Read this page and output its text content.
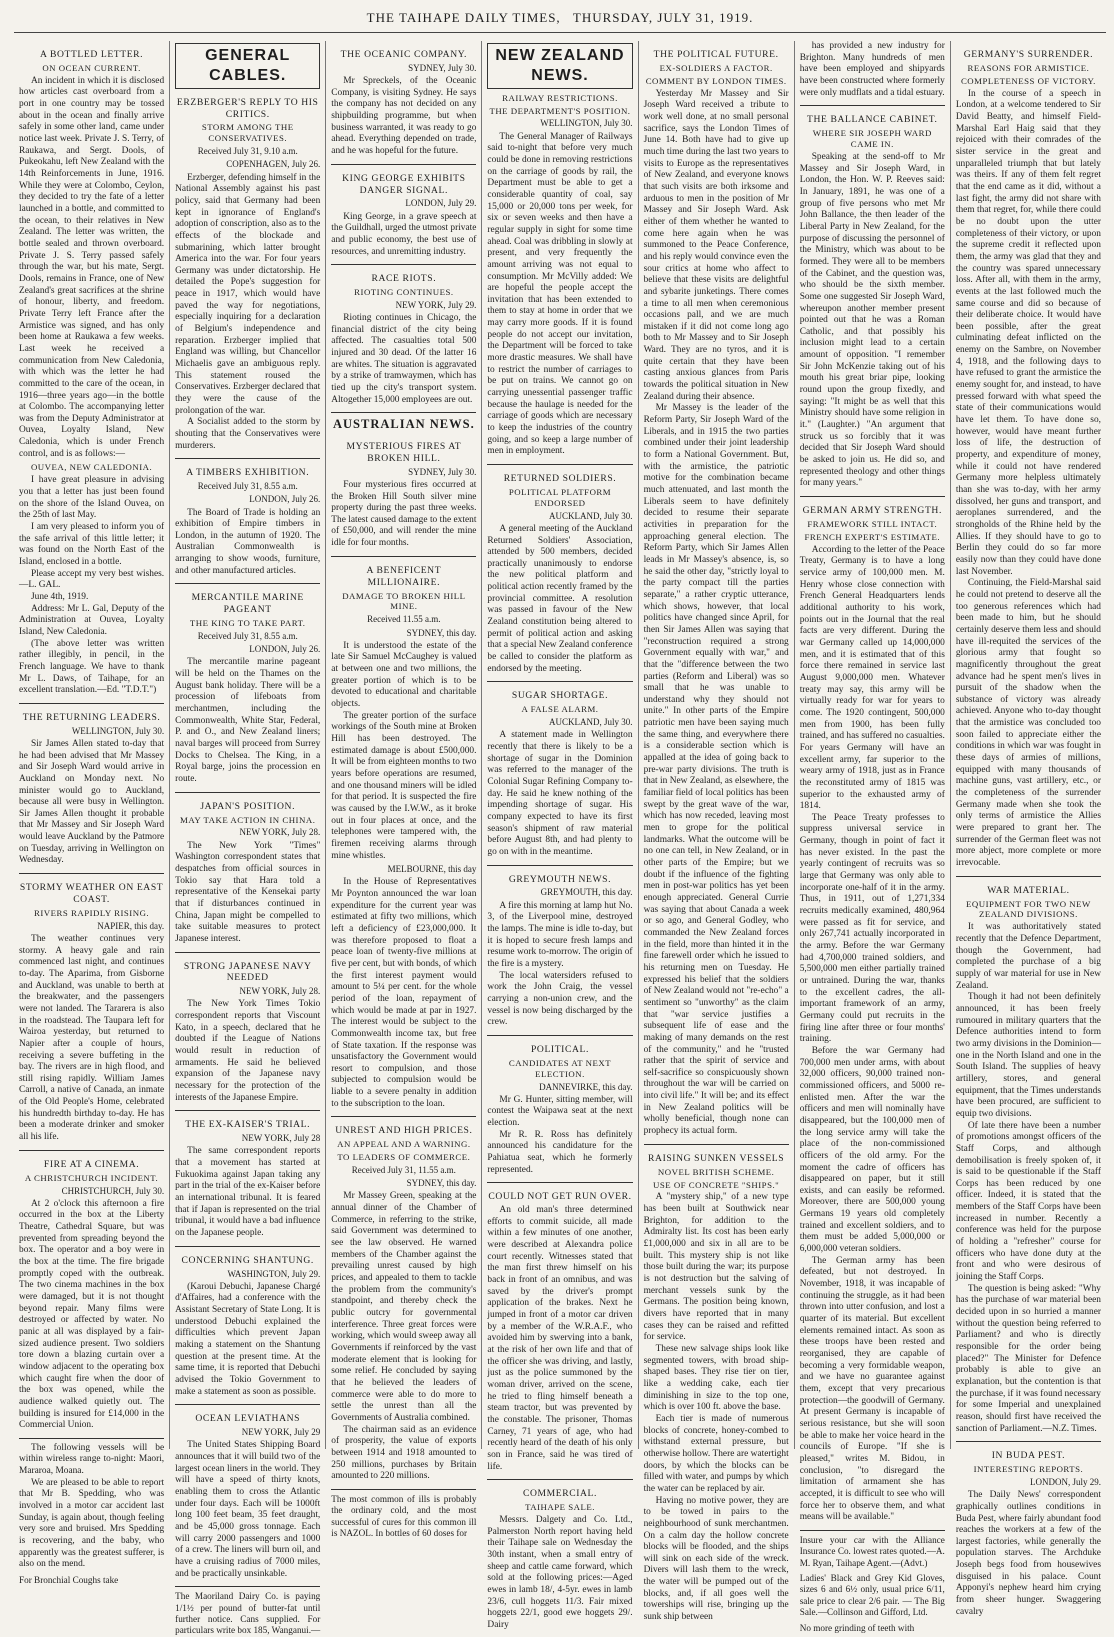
THE TAIHAPE DAILY TIMES, THURSDAY, JULY 31, 1919.
A BOTTLED LETTER.
ON OCEAN CURRENT.

An incident in which it is disclosed how articles cast overboard from a port in one country may be tossed about in the ocean and finally arrive safely in some other land, came under notice last week. Private J. S. Terry, of Raukawa, and Sergt. Dools, of Pukeokahu, left New Zealand with the 14th Reinforcements in June, 1916. While they were at Colombo, Ceylon, they decided to try the fate of a letter launched in a bottle, and committed to the ocean, to their relatives in New Zealand. The letter was written, the bottle sealed and thrown overboard. Private J. S. Terry passed safely through the war, but his mate, Sergt. Dools, remains in France, one of New Zealand's great sacrifices at the shrine of honour, liberty, and freedom. Private Terry left France after the Armistice was signed, and has only been home at Raukawa a few weeks. Last week he received a communication from New Caledonia, with which was the letter he had committed to the care of the ocean, in 1916—three years ago—in the bottle at Colombo. The accompanying letter was from the Deputy Administrator at Ouvea, Loyalty Island, New Caledonia, which is under French control, and is as follows:—

OUVEA, NEW CALEDONIA.

I have great pleasure in advising you that a letter has just been found on the shore of the Island Ouvea, on the 25th of last May.

I am very pleased to inform you of the safe arrival of this little letter; it was found on the North East of the Island, enclosed in a bottle.

Please accept my very best wishes.—L. GAL.

June 4th, 1919.

Address: Mr L. Gal, Deputy of the Administration at Ouvea, Loyalty Island, New Caledonia.

(The above letter was written rather illegibly, in pencil, in the French language. We have to thank Mr L. Daws, of Taihape, for an excellent translation.—Ed. "T.D.T.")

THE RETURNING LEADERS.
WELLINGTON, July 30.

Sir James Allen stated to-day that he had been advised that Mr Massey and Sir Joseph Ward would arrive in Auckland on Monday next. No minister would go to Auckland, because all were busy in Wellington. Sir James Allen thought it probable that Mr Massey and Sir Joseph Ward would leave Auckland by the Patmore on Tuesday, arriving in Wellington on Wednesday.

STORMY WEATHER ON EAST COAST.
RIVERS RAPIDLY RISING.
NAPIER, this day.

The weather continues very stormy. A heavy gale and rain commenced last night, and continues to-day. The Aparima, from Gisborne and Auckland, was unable to berth at the breakwater, and the passengers were not landed. The Tararera is also in the roadstead. The Taupara left for Wairoa yesterday, but returned to Napier after a couple of hours, receiving a severe buffeting in the bay. The rivers are in high flood, and still rising rapidly. William James Carroll, a native of Canada, an inmate of the Old People's Home, celebrated his hundredth birthday to-day. He has been a moderate drinker and smoker all his life.

FIRE AT A CINEMA.
A CHRISTCHURCH INCIDENT.
CHRISTCHURCH, July 30.

At 2 o'clock this afternoon a fire occurred in the box at the Liberty Theatre, Cathedral Square, but was prevented from spreading beyond the box. The operator and a boy were in the box at the time. The fire brigade promptly coped with the outbreak. The two cinema machines in the box were damaged, but it is not thought beyond repair. Many films were destroyed or affected by water. No panic at all was displayed by a fair-sized audience present. Two soldiers tore down a blazing curtain over a window adjacent to the operating box which caught fire when the door of the box was opened, while the audience walked quietly out. The building is insured for £14,000 in the Commercial Union.

The following vessels will be within wireless range to-night: Maori, Mararoa, Moana.

We are pleased to be able to report that Mr B. Spedding, who was involved in a motor car accident last Sunday, is again about, though feeling very sore and bruised. Mrs Spedding is recovering, and the baby, who apparently was the greatest sufferer, is also on the mend.

For Bronchial Coughs take

GENERAL CABLES.
ERZBERGER'S REPLY TO HIS CRITICS.
STORM AMONG THE CONSERVATIVES.
Received July 31, 9.10 a.m.
COPENHAGEN, July 26.

Erzberger, defending himself in the National Assembly against his past policy, said that Germany had been kept in ignorance of England's adoption of conscription, also as to the effects of the blockade and submarining, which latter brought America into the war. For four years Germany was under dictatorship. He detailed the Pope's suggestion for peace in 1917, which would have paved the way for negotiations, especially inquiring for a declaration of Belgium's independence and reparation. Erzberger implied that England was willing, but Chancellor Michaelis gave an ambiguous reply. This statement roused the Conservatives. Erzberger declared that they were the cause of the prolongation of the war.

A Socialist added to the storm by shouting that the Conservatives were murderers.

A TIMBERS EXHIBITION.
Received July 31, 8.55 a.m.
LONDON, July 26.

The Board of Trade is holding an exhibition of Empire timbers in London, in the autumn of 1920. The Australian Commonwealth is arranging to show woods, furniture, and other manufactured articles.

MERCANTILE MARINE PAGEANT
THE KING TO TAKE PART.
Received July 31, 8.55 a.m.
LONDON, July 26.

The mercantile marine pageant will be held on the Thames on the August bank holiday. There will be a procession of lifeboats from merchantmen, including the Commonwealth, White Star, Federal, P. and O., and New Zealand liners; naval barges will proceed from Surrey Docks to Chelsea. The King, in a Royal barge, joins the procession en route.

JAPAN'S POSITION.
MAY TAKE ACTION IN CHINA.
NEW YORK, July 28.

The New York "Times" Washington correspondent states that despatches from official sources in Tokio say that Hara told a representative of the Kensekai party that if disturbances continued in China, Japan might be compelled to take suitable measures to protect Japanese interest.

STRONG JAPANESE NAVY NEEDED
NEW YORK, July 28.

The New York Times Tokio correspondent reports that Viscount Kato, in a speech, declared that he doubted if the League of Nations would result in reduction of armaments. He said he believed expansion of the Japanese navy necessary for the protection of the interests of the Japanese Empire.

THE EX-KAISER'S TRIAL.
NEW YORK, July 28

The same correspondent reports that a movement has started at Fukuokima against Japan taking any part in the trial of the ex-Kaiser before an international tribunal. It is feared that if Japan is represented on the trial tribunal, it would have a bad influence on the Japanese people.

CONCERNING SHANTUNG.
WASHINGTON, July 29.

(Karoui Debuchi, Japanese Chargé d'Affaires, had a conference with the Assistant Secretary of State Long. It is understood Debuchi explained the difficulties which prevent Japan making a statement on the Shantung question at the present time. At the same time, it is reported that Debuchi advised the Tokio Government to make a statement as soon as possible.

OCEAN LEVIATHANS
NEW YORK, July 29

The United States Shipping Board announces that it will build two of the largest ocean liners in the world. They will have a speed of thirty knots, enabling them to cross the Atlantic under four days. Each will be 1000ft long 100 feet beam, 35 feet draught, and be 45,000 gross tonnage. Each will carry 2000 passengers and 1000 of a crew. The liners will burn oil, and have a cruising radius of 7000 miles, and be practically unsinkable.

The Maoriland Dairy Co. is paying 1/1½ per pound of butter-fat until further notice. Cans supplied. For particulars write box 185, Wanganui.—

THE OCEANIC COMPANY.
SYDNEY, July 30.

Mr Spreckels, of the Oceanic Company, is visiting Sydney. He says the company has not decided on any shipbuilding programme, but when business warranted, it was ready to go ahead. Everything depended on trade, and he was hopeful for the future.

KING GEORGE EXHIBITS DANGER SIGNAL.
LONDON, July 29.

King George, in a grave speech at the Guildhall, urged the utmost private and public economy, the best use of resources, and unremitting industry.

RACE RIOTS.
RIOTING CONTINUES.
NEW YORK, July 29.

Rioting continues in Chicago, the financial district of the city being affected. The casualties total 500 injured and 30 dead. Of the latter 16 are whites. The situation is aggravated by a strike of tramwaymen, which has tied up the city's transport system. Altogether 15,000 employees are out.

AUSTRALIAN NEWS.
MYSTERIOUS FIRES AT BROKEN HILL.
SYDNEY, July 30.

Four mysterious fires occurred at the Broken Hill South silver mine property during the past three weeks. The latest caused damage to the extent of £50,000, and will render the mine idle for four months.

A BENEFICENT MILLIONAIRE.
DAMAGE TO BROKEN HILL MINE.
Received 11.55 a.m.
SYDNEY, this day.

It is understood the estate of the late Sir Samuel McCaughey is valued at between one and two millions, the greater portion of which is to be devoted to educational and charitable objects.

The greater portion of the surface workings of the South mine at Broken Hill has been destroyed. The estimated damage is about £500,000. It will be from eighteen months to two years before operations are resumed, and one thousand miners will be idled for that period. It is suspected the fire was caused by the I.W.W., as it broke out in four places at once, and the telephones were tampered with, the firemen receiving alarms through mine whistles.

MELBOURNE, this day

In the House of Representatives Mr Poynton announced the war loan expenditure for the current year was estimated at fifty two millions, which left a deficiency of £23,000,000. It was therefore proposed to float a peace loan of twenty-five millions at five per cent, but with bonds, of which the first interest payment would amount to 5¼ per cent. for the whole period of the loan, repayment of which would be made at par in 1927. The interest would be subject to the Commonwealth income tax, but free of State taxation. If the response was unsatisfactory the Government would resort to compulsion, and those subjected to compulsion would be liable to a severe penalty in addition to the subscription to the loan.

UNREST AND HIGH PRICES.
AN APPEAL AND A WARNING.
TO LEADERS OF COMMERCE.
Received July 31, 11.55 a.m.
SYDNEY, this day.

Mr Massey Green, speaking at the annual dinner of the Chamber of Commerce, in referring to the strike, said Government was determined to see the law observed. He warned members of the Chamber against the prevailing unrest caused by high prices, and appealed to them to tackle the problem from the community's standpoint, and thereby check the public outcry for governmental interference. Three great forces were working, which would sweep away all Governments if reinforced by the vast moderate element that is looking for some relief. He concluded by saying that he believed the leaders of commerce were able to do more to settle the unrest than all the Governments of Australia combined.

The chairman said as an evidence of prosperity, the value of exports between 1914 and 1918 amounted to 250 millions, purchases by Britain amounted to 220 millions.

The most common of ills is probably the ordinary cold, and the most successful of cures for this common ill is NAZOL. In bottles of 60 doses for

NEW ZEALAND NEWS.
RAILWAY RESTRICTIONS.
THE DEPARTMENT'S POSITION.
WELLINGTON, July 30.

The General Manager of Railways said to-night that before very much could be done in removing restrictions on the carriage of goods by rail, the Department must be able to get a considerable quantity of coal, say 15,000 or 20,000 tons per week, for six or seven weeks and then have a regular supply in sight for some time ahead. Coal was dribbling in slowly at present, and very frequently the amount arriving was not equal to consumption. Mr McVilly added: We are hopeful the people accept the invitation that has been extended to them to stay at home in order that we may carry more goods. If it is found people do not accept our invitation, the Department will be forced to take more drastic measures. We shall have to restrict the number of carriages to be put on trains. We cannot go on carrying unessential passenger traffic because the haulage is needed for the carriage of goods which are necessary to keep the industries of the country going, and so keep a large number of men in employment.

RETURNED SOLDIERS.
POLITICAL PLATFORM ENDORSED
AUCKLAND, July 30.

A general meeting of the Auckland Returned Soldiers' Association, attended by 500 members, decided practically unanimously to endorse the new political platform and political action recently framed by the provincial committee. A resolution was passed in favour of the New Zealand constitution being altered to permit of political action and asking that a special New Zealand conference be called to consider the platform as endorsed by the meeting.

SUGAR SHORTAGE.
A FALSE ALARM.
AUCKLAND, July 30.

A statement made in Wellington recently that there is likely to be a shortage of sugar in the Dominion was referred to the manager of the Colonial Sugar Refining Company to-day. He said he knew nothing of the impending shortage of sugar. His company expected to have its first season's shipment of raw material before August 8th, and had plenty to go on with in the meantime.

GREYMOUTH NEWS.
GREYMOUTH, this day.

A fire this morning at lamp hut No. 3, of the Liverpool mine, destroyed the lamps. The mine is idle to-day, but it is hoped to secure fresh lamps and resume work to-morrow. The origin of the fire is a mystery.

The local watersiders refused to work the John Craig, the vessel carrying a non-union crew, and the vessel is now being discharged by the crew.

POLITICAL.
CANDIDATES AT NEXT ELECTION.
DANNEVIRKE, this day.

Mr G. Hunter, sitting member, will contest the Waipawa seat at the next election.

Mr R. R. Ross has definitely announced his candidature for the Pahiatua seat, which he formerly represented.

COULD NOT GET RUN OVER.

An old man's three determined efforts to commit suicide, all made within a few minutes of one another, were described at Alexandra police court recently. Witnesses stated that the man first threw himself on his back in front of an omnibus, and was saved by the driver's prompt application of the brakes. Next he jumped in front of a motor car driven by a member of the W.R.A.F., who avoided him by swerving into a bank, at the risk of her own life and that of the officer she was driving, and lastly, just as the police summoned by the woman driver, arrived on the scene, he tried to fling himself beneath a steam tractor, but was prevented by the constable. The prisoner, Thomas Carney, 71 years of age, who had recently heard of the death of his only son in France, said he was tired of life.

COMMERCIAL.
TAIHAPE SALE.

Messrs. Dalgety and Co. Ltd., Palmerston North report having held their Taihape sale on Wednesday the 30th instant, when a small entry of sheep and cattle came forward, which sold at the following prices:—Aged ewes in lamb 18/, 4-5yr. ewes in lamb 23/6, cull hoggets 11/3. Fair mixed hoggets 22/1, good ewe hoggets 29/. Dairy

THE POLITICAL FUTURE.
EX-SOLDIERS A FACTOR.
COMMENT BY LONDON TIMES.

Yesterday Mr Massey and Sir Joseph Ward received a tribute to work well done, at no small personal sacrifice, says the London Times of June 14. Both have had to give up much time during the last two years to visits to Europe as the representatives of New Zealand, and everyone knows that such visits are both irksome and arduous to men in the position of Mr Massey and Sir Joseph Ward. Ask either of them whether he wanted to come here again when he was summoned to the Peace Conference, and his reply would convince even the sour critics at home who affect to believe that these visits are delightful and sybarite junketings. There comes a time to all men when ceremonious occasions pall, and we are much mistaken if it did not come long ago both to Mr Massey and to Sir Joseph Ward. They are no tyros, and it is quite certain that they have been casting anxious glances from Paris towards the political situation in New Zealand during their absence.

Mr Massey is the leader of the Reform Party, Sir Joseph Ward of the Liberals, and in 1915 the two parties combined under their joint leadership to form a National Government. But, with the armistice, the patriotic motive for the combination became much attenuated, and last month the Liberals seem to have definitely decided to resume their separate activities in preparation for the approaching general election. The Reform Party, which Sir James Allen leads in Mr Massey's absence, is, so he said the other day, "strictly loyal to the party compact till the parties separate," a rather cryptic utterance, which shows, however, that local politics have changed since April, for then Sir James Allen was saying that "reconstruction required a strong Government equally with war," and that the "difference between the two parties (Reform and Liberal) was so small that he was unable to understand why they should not unite." In other parts of the Empire patriotic men have been saying much the same thing, and everywhere there is a considerable section which is appalled at the idea of going back to pre-war party divisions. The truth is that in New Zealand, as elsewhere, the familiar field of local politics has been swept by the great wave of the war, which has now receded, leaving most men to grope for the political landmarks. What the outcome will be no one can tell, in New Zealand, or in other parts of the Empire; but we doubt if the influence of the fighting men in post-war politics has yet been enough appreciated. General Currie was saying that about Canada a week or so ago, and General Godley, who commanded the New Zealand forces in the field, more than hinted it in the fine farewell order which he issued to his returning men on Tuesday. He expressed his belief that the soldiers of New Zealand would not "re-echo" a sentiment so "unworthy" as the claim that "war service justifies a subsequent life of ease and the making of many demands on the rest of the community," and he "trusted rather that the spirit of service and self-sacrifice so conspicuously shown throughout the war will be carried on into civil life." It will be; and its effect in New Zealand politics will be wholly beneficial, though none can prophecy its actual form.

RAISING SUNKEN VESSELS
NOVEL BRITISH SCHEME.
USE OF CONCRETE "SHIPS."

A "mystery ship," of a new type has been built at Southwick near Brighton, for addition to the Admiralty list. Its cost has been early £1,000,000 and six in all are to be built. This mystery ship is not like those built during the war; its purpose is not destruction but the salving of merchant vessels sunk by the Germans. The position being known, divers have reported that in many cases they can be raised and refitted for service.

These new salvage ships look like segmented towers, with broad ship-shaped bases. They rise tier on tier, like a wedding cake, each tier diminishing in size to the top one, which is over 100 ft. above the base.

Each tier is made of numerous blocks of concrete, honey-combed to withstand external pressure, but otherwise hollow. There are watertight doors, by which the blocks can be filled with water, and pumps by which the water can be replaced by air.

Having no motive power, they are to be towed in pairs to the neighbourhood of sunk merchantmen. On a calm day the hollow concrete blocks will be flooded, and the ships will sink on each side of the wreck. Divers will lash them to the wreck, the water will be pumped out of the blocks, and, if all goes well the towerships will rise, bringing up the sunk ship between

has provided a new industry for Brighton. Many hundreds of men have been employed and shipyards have been constructed where formerly were only mudflats and a tidal estuary.

THE BALLANCE CABINET.
WHERE SIR JOSEPH WARD CAME IN.

Speaking at the send-off to Mr Massey and Sir Joseph Ward, in London, the Hon. W. P. Reeves said: In January, 1891, he was one of a group of five persons who met Mr John Ballance, the then leader of the Liberal Party in New Zealand, for the purpose of discussing the personnel of the Ministry, which was about to be formed. They were all to be members of the Cabinet, and the question was, who should be the sixth member. Some one suggested Sir Joseph Ward, whereupon another member present pointed out that he was a Roman Catholic, and that possibly his inclusion might lead to a certain amount of opposition. "I remember Sir John McKenzie taking out of his mouth his great briar pipe, looking round upon the group fixedly, and saying: "It might be as well that this Ministry should have some religion in it." (Laughter.) "An argument that struck us so forcibly that it was decided that Sir Joseph Ward should be asked to join us. He did so, and represented theology and other things for many years."

GERMAN ARMY STRENGTH.
FRAMEWORK STILL INTACT.
FRENCH EXPERT'S ESTIMATE.

According to the letter of the Peace Treaty, Germany is to have a long service army of 100,000 men. M. Henry whose close connection with French General Headquarters lends additional authority to his work, points out in the Journal that the real facts are very different. During the war Germany called up 14,000,000 men, and it is estimated that of this force there remained in service last August 9,000,000 men. Whatever treaty may say, this army will be virtually ready for war for years to come. The 1920 contingent, 500,000 men from 1900, has been fully trained, and has suffered no casualties. For years Germany will have an excellent army, far superior to the weary army of 1918, just as in France the reconstituted army of 1815 was superior to the exhausted army of 1814.

The Peace Treaty professes to suppress universal service in Germany, though in point of fact it has never existed. In the past the yearly contingent of recruits was so large that Germany was only able to incorporate one-half of it in the army. Thus, in 1911, out of 1,271,334 recruits medically examined, 480,964 were passed as fit for service, and only 267,741 actually incorporated in the army. Before the war Germany had 4,700,000 trained soldiers, and 5,500,000 men either partially trained or untrained. During the war, thanks to the excellent cadres, the all-important framework of an army, Germany could put recruits in the firing line after three or four months' training.

Before the war Germany had 700,000 men under arms, with about 32,000 officers, 90,000 trained non-commissioned officers, and 5000 re-enlisted men. After the war the officers and men will nominally have disappeared, but the 100,000 men of the long service army will take the place of the non-commissioned officers of the old army. For the moment the cadre of officers has disappeared on paper, but it still exists, and can easily be reformed. Moreover, there are 500,000 young Germans 19 years old completely trained and excellent soldiers, and to them must be added 5,000,000 or 6,000,000 veteran soldiers.

The German army has been defeated, but not destroyed. In November, 1918, it was incapable of continuing the struggle, as it had been thrown into utter confusion, and lost a quarter of its material. But excellent elements remained intact. As soon as these troops have been rested and reorganised, they are capable of becoming a very formidable weapon, and we have no guarantee against them, except that very precarious protection—the goodwill of Germany. At present Germany is incapable of serious resistance, but she will soon be able to make her voice heard in the councils of Europe. "If she is pleased," writes M. Bidou, in conclusion, "to disregard the limitation of armament she has accepted, it is difficult to see who will force her to observe them, and what means will be available."

Insure your car with the Alliance Insurance Co. lowest rates quoted.—A. M. Ryan, Taihape Agent.—(Advt.)

Ladies' Black and Grey Kid Gloves, sizes 6 and 6½ only, usual price 6/11, sale price to clear 2/6 pair. — The Big Sale.—Collinson and Gifford, Ltd.

No more grinding of teeth with

GERMANY'S SURRENDER.
REASONS FOR ARMISTICE.
COMPLETENESS OF VICTORY.

In the course of a speech in London, at a welcome tendered to Sir David Beatty, and himself Field-Marshal Earl Haig said that they rejoiced with their comrades of the sister service in the great and unparalleled triumph that but lately was theirs. If any of them felt regret that the end came as it did, without a last fight, the army did not share with them that regret, for, while there could be no doubt upon the utter completeness of their victory, or upon the supreme credit it reflected upon them, the army was glad that they and the country was spared unnecessary loss. After all, with them in the army, events at the last followed much the same course and did so because of their deliberate choice. It would have been possible, after the great culminating defeat inflicted on the enemy on the Sambre, on November 4, 1918, and the following days to have refused to grant the armistice the enemy sought for, and instead, to have pressed forward with what speed the state of their communications would have let them. To have done so, however, would have meant further loss of life, the destruction of property, and expenditure of money, while it could not have rendered Germany more helpless ultimately than she was to-day, with her army dissolved, her guns and transport, and aeroplanes surrendered, and the strongholds of the Rhine held by the Allies. If they should have to go to Berlin they could do so far more easily now than they could have done last November.

Continuing, the Field-Marshal said he could not pretend to deserve all the too generous references which had been made to him, but he should certainly deserve them less and should have ill-requited the services of the glorious army that fought so magnificently throughout the great advance had he spent men's lives in pursuit of the shadow when the substance of victory was already achieved. Anyone who to-day thought that the armistice was concluded too soon failed to appreciate either the conditions in which war was fought in these days of armies of millions, equipped with many thousands of machine guns, vast artillery, etc., or the completeness of the surrender Germany made when she took the only terms of armistice the Allies were prepared to grant her. The surrender of the German fleet was not more abject, more complete or more irrevocable.

WAR MATERIAL.
EQUIPMENT FOR TWO NEW ZEALAND DIVISIONS.

It was authoritatively stated recently that the Defence Department, though the Government, had completed the purchase of a big supply of war material for use in New Zealand.

Though it had not been definitely announced, it has been freely rumoured in military quarters that the Defence authorities intend to form two army divisions in the Dominion—one in the North Island and one in the South Island. The supplies of heavy artillery, stores, and general equipment, that the Times understands have been procured, are sufficient to equip two divisions.

Of late there have been a number of promotions amongst officers of the Staff Corps, and although demobilisation is freely spoken of, it is said to be questionable if the Staff Corps has been reduced by one officer. Indeed, it is stated that the members of the Staff Corps have been increased in number. Recently a conference was held for the purpose of holding a "refresher" course for officers who have done duty at the front and who were desirous of joining the Staff Corps.

The question is being asked: "Why has the purchase of war material been decided upon in so hurried a manner without the question being referred to Parliament? and who is directly responsible for the order being placed?" The Minister for Defence probably is able to give an explanation, but the contention is that the purchase, if it was found necessary for some Imperial and unexplained reason, should first have received the sanction of Parliament.—N.Z. Times.

IN BUDA PEST.
INTERESTING REPORTS.
LONDON, July 29.

The Daily News' correspondent graphically outlines conditions in Buda Pest, where fairly abundant food reaches the workers at a few of the largest factories, while generally the population starves. The Archduke Joseph begs food from housewives disguised in his palace. Count Apponyi's nephew heard him crying from sheer hunger. Swaggering cavalry
